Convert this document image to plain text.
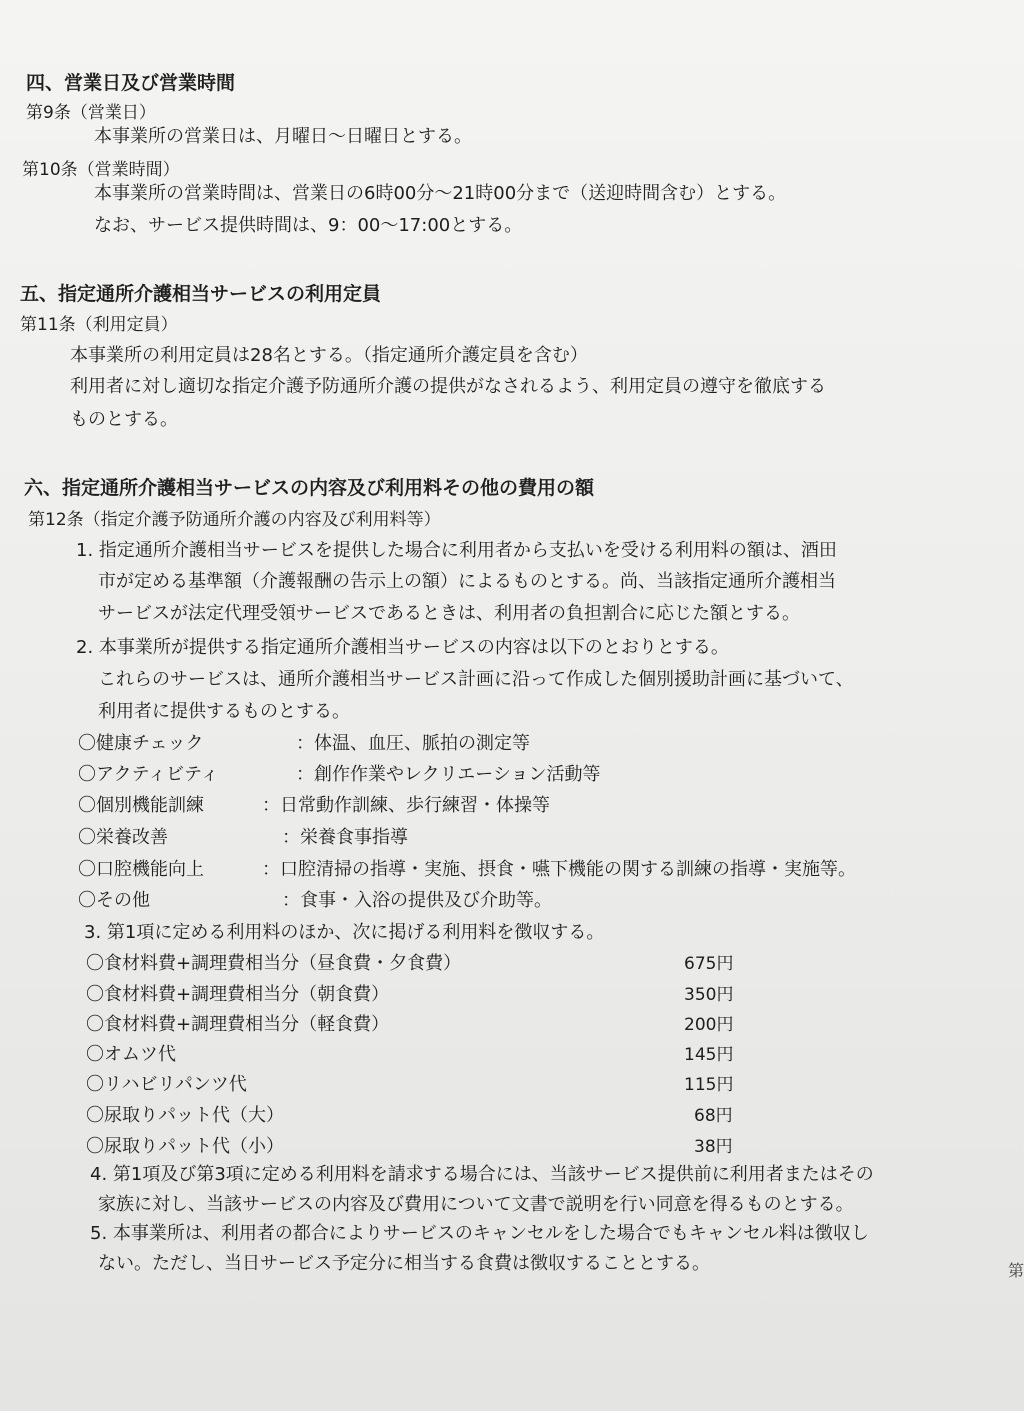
四、営業日及び営業時間
第9条（営業日）
本事業所の営業日は、月曜日～日曜日とする。
第10条（営業時間）
本事業所の営業時間は、営業日の6時00分～21時00分まで（送迎時間含む）とする。
なお、サービス提供時間は、9：00～17:00とする。
五、指定通所介護相当サービスの利用定員
第11条（利用定員）
本事業所の利用定員は28名とする。（指定通所介護定員を含む）
利用者に対し適切な指定介護予防通所介護の提供がなされるよう、利用定員の遵守を徹底する
ものとする。
六、指定通所介護相当サービスの内容及び利用料その他の費用の額
第12条（指定介護予防通所介護の内容及び利用料等）
1. 指定通所介護相当サービスを提供した場合に利用者から支払いを受ける利用料の額は、酒田
市が定める基準額（介護報酬の告示上の額）によるものとする。尚、当該指定通所介護相当
サービスが法定代理受領サービスであるときは、利用者の負担割合に応じた額とする。
2. 本事業所が提供する指定通所介護相当サービスの内容は以下のとおりとする。
これらのサービスは、通所介護相当サービス計画に沿って作成した個別援助計画に基づいて、
利用者に提供するものとする。
〇健康チェック	：体温、血圧、脈拍の測定等
〇アクティビティ	：創作作業やレクリエーション活動等
〇個別機能訓練	：日常動作訓練、歩行練習・体操等
〇栄養改善	：栄養食事指導
〇口腔機能向上	：口腔清掃の指導・実施、摂食・嚥下機能の関する訓練の指導・実施等。
〇その他	：食事・入浴の提供及び介助等。
3. 第1項に定める利用料のほか、次に掲げる利用料を徴収する。
〇食材料費+調理費相当分（昼食費・夕食費）	675円
〇食材料費+調理費相当分（朝食費）	350円
〇食材料費+調理費相当分（軽食費）	200円
〇オムツ代	145円
〇リハビリパンツ代	115円
〇尿取りパット代（大）	68円
〇尿取りパット代（小）	38円
4. 第1項及び第3項に定める利用料を請求する場合には、当該サービス提供前に利用者またはその
家族に対し、当該サービスの内容及び費用について文書で説明を行い同意を得るものとする。
5. 本事業所は、利用者の都合によりサービスのキャンセルをした場合でもキャンセル料は徴収し
ない。ただし、当日サービス予定分に相当する食費は徴収することとする。	第
